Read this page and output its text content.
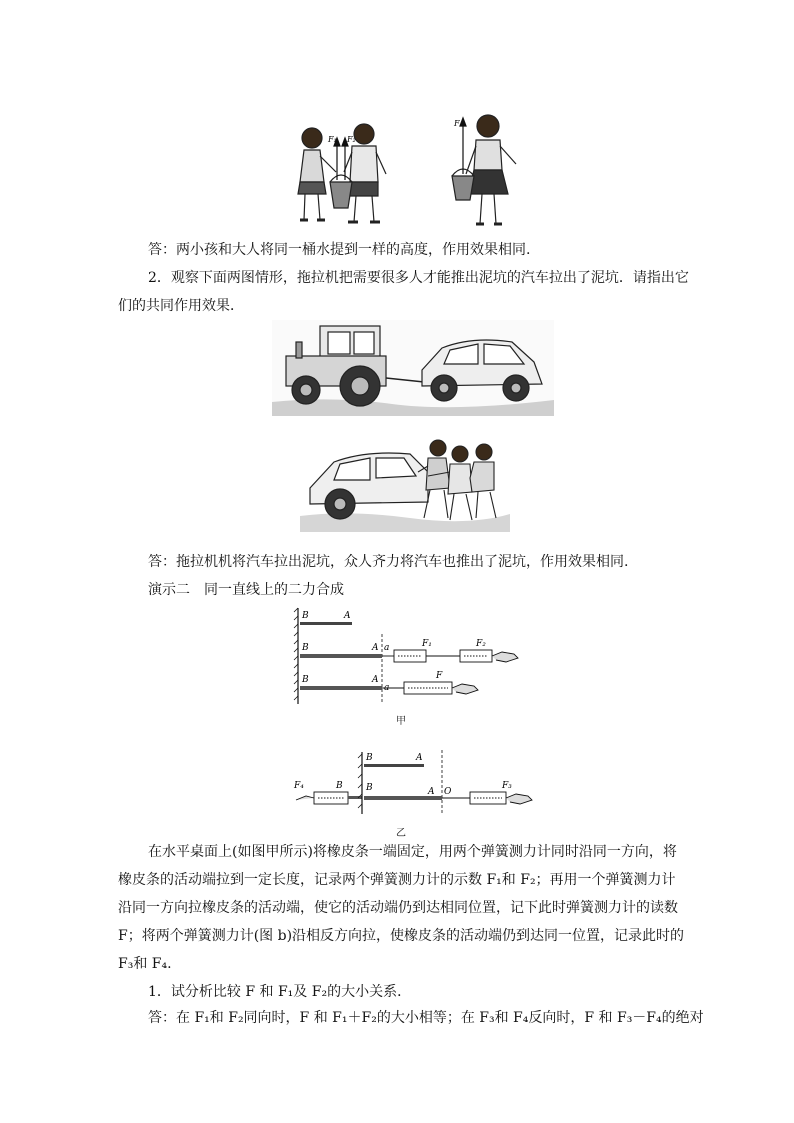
F₁ F₂
F
答：两小孩和大人将同一桶水提到一样的高度，作用效果相同.
2．观察下面两图情形，拖拉机把需要很多人才能推出泥坑的汽车拉出了泥坑．请指出它
们的共同作用效果．
答：拖拉机机将汽车拉出泥坑，众人齐力将汽车也推出了泥坑，作用效果相同.
演示二　同一直线上的二力合成
B	A
B	A a	F₁	F₂
B	A
a
F
甲
F₄	B
B	A
B	A O
F₃
乙
在水平桌面上(如图甲所示)将橡皮条一端固定，用两个弹簧测力计同时沿同一方向，将
橡皮条的活动端拉到一定长度，记录两个弹簧测力计的示数 F₁和 F₂；再用一个弹簧测力计
沿同一方向拉橡皮条的活动端，使它的活动端仍到达相同位置，记下此时弹簧测力计的读数
F；将两个弹簧测力计(图 b)沿相反方向拉，使橡皮条的活动端仍到达同一位置，记录此时的
F₃和 F₄.
1．试分析比较 F 和 F₁及 F₂的大小关系．
答：在 F₁和 F₂同向时，F 和 F₁＋F₂的大小相等；在 F₃和 F₄反向时，F 和 F₃－F₄的绝对
